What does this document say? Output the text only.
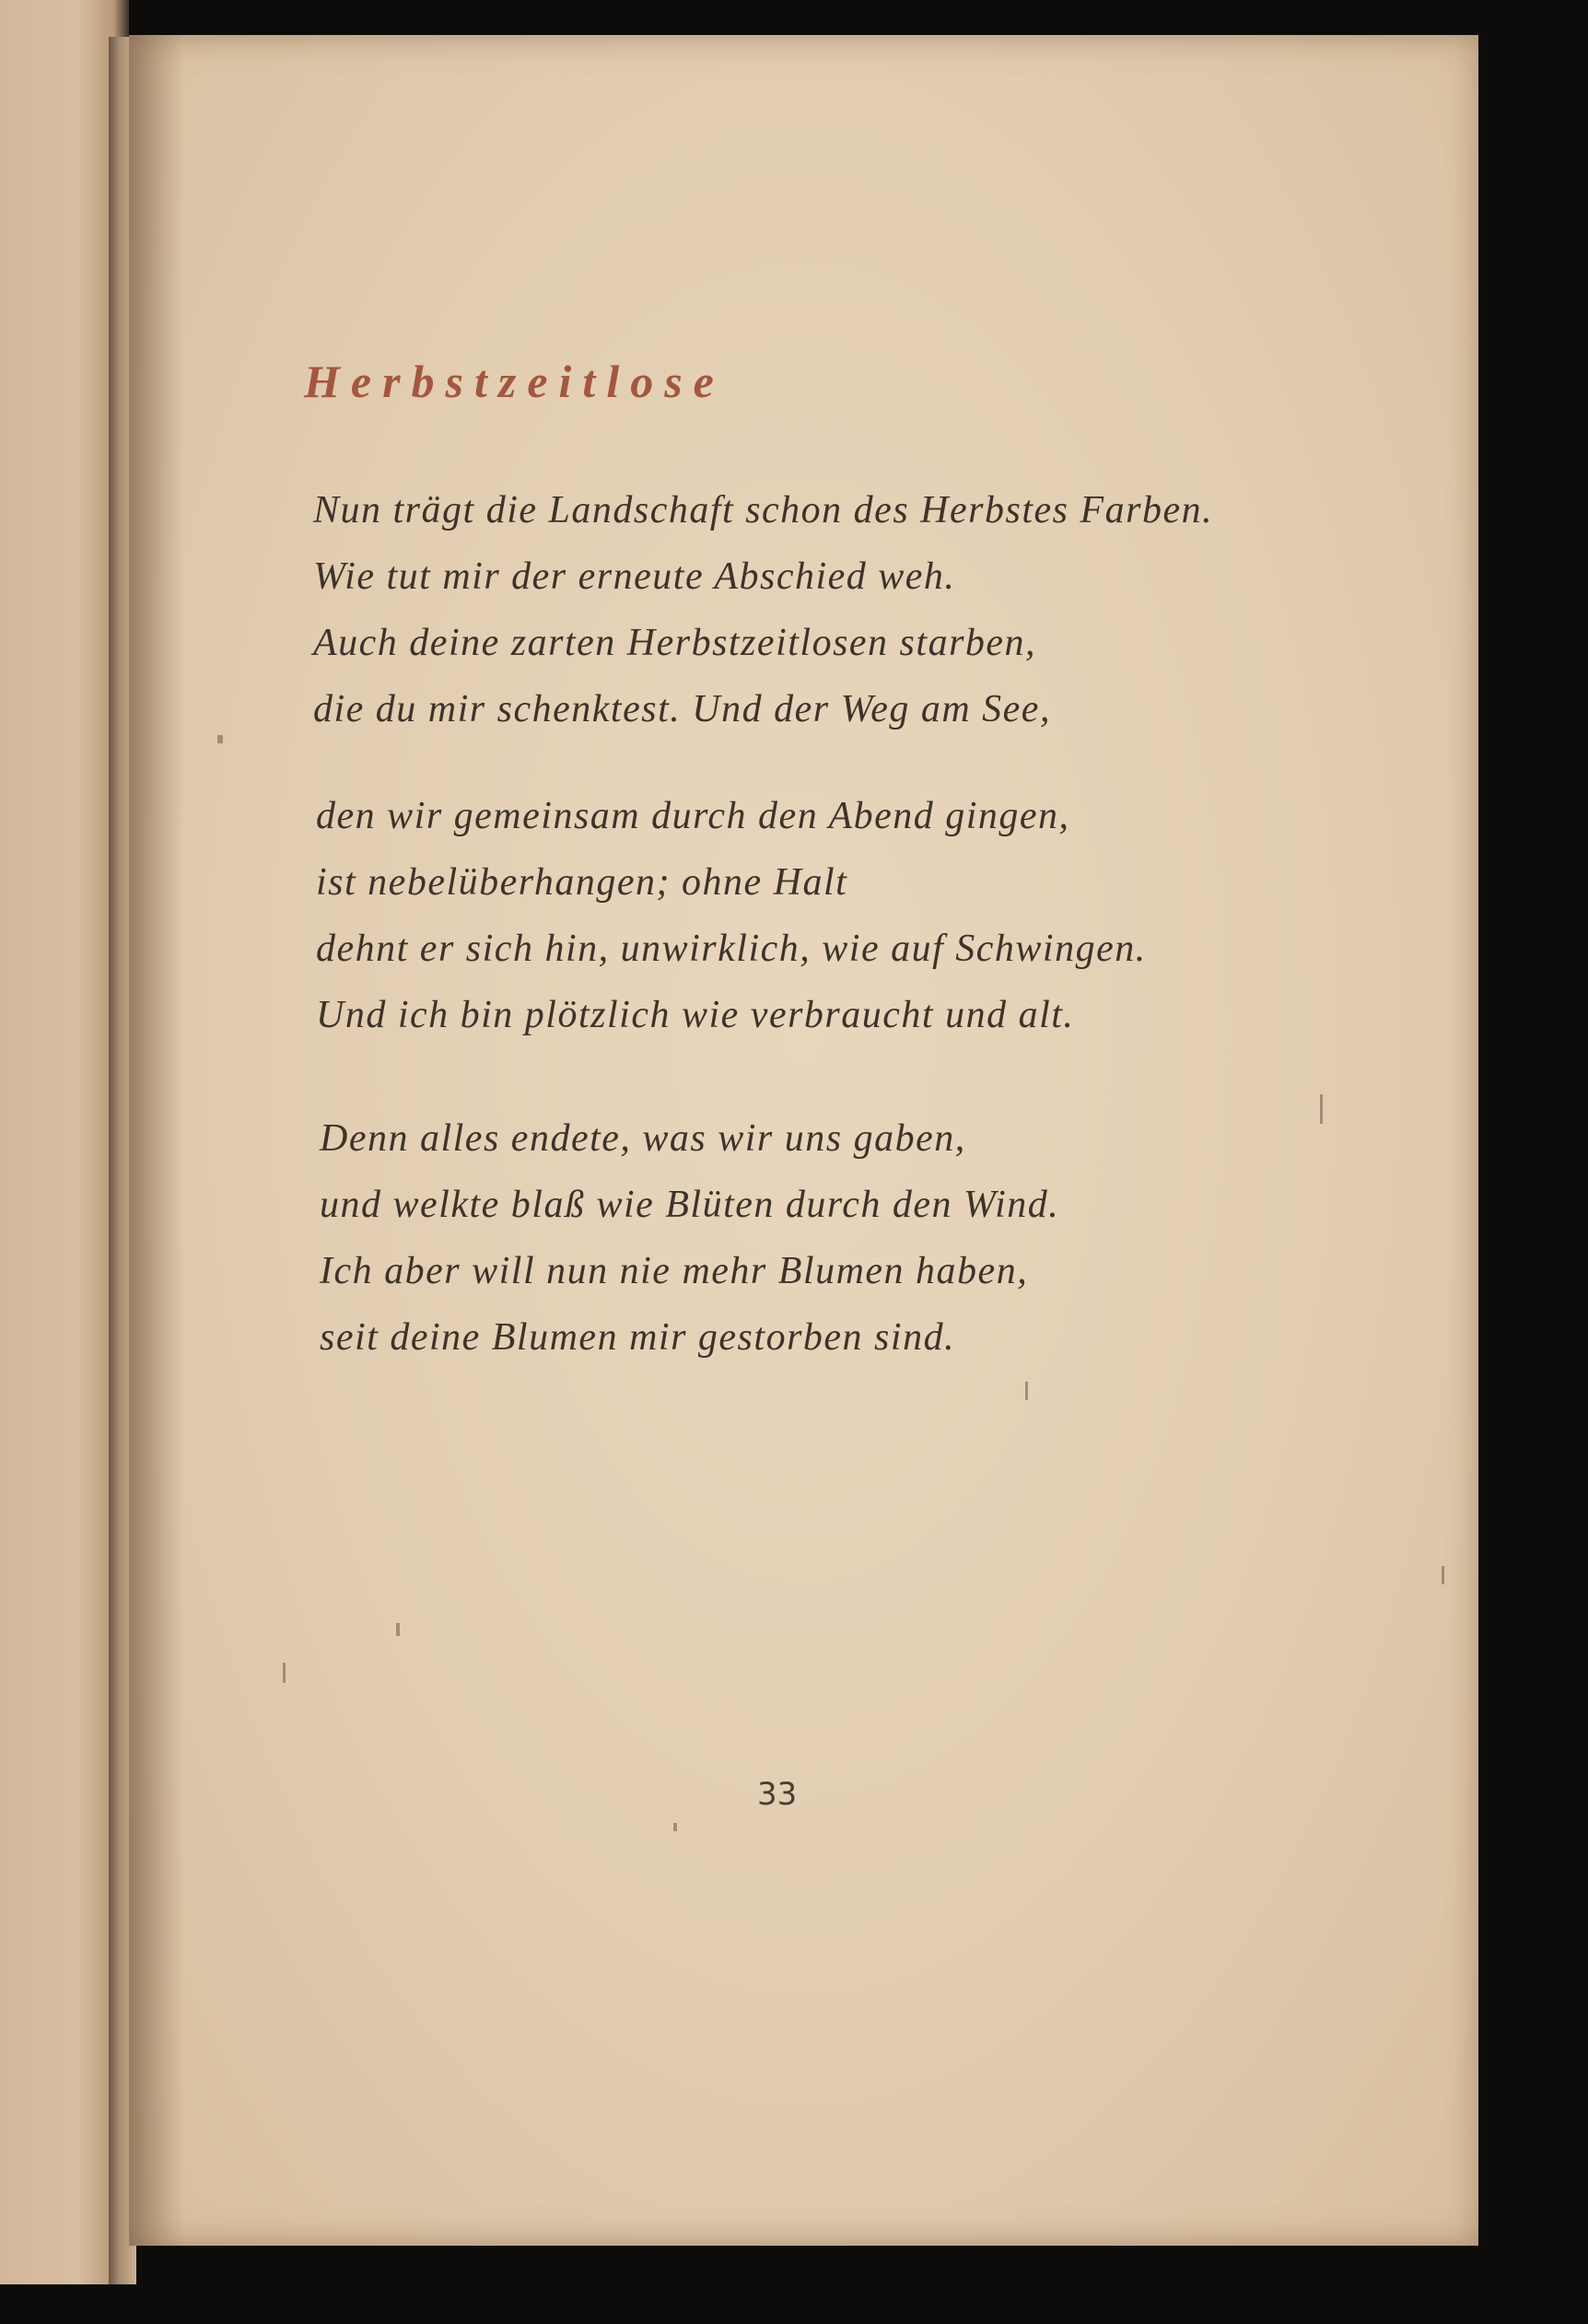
Herbstzeitlose
Nun trägt die Landschaft schon des Herbstes Farben.
Wie tut mir der erneute Abschied weh.
Auch deine zarten Herbstzeitlosen starben,
die du mir schenktest. Und der Weg am See,
den wir gemeinsam durch den Abend gingen,
ist nebelüberhangen; ohne Halt
dehnt er sich hin, unwirklich, wie auf Schwingen.
Und ich bin plötzlich wie verbraucht und alt.
Denn alles endete, was wir uns gaben,
und welkte blaß wie Blüten durch den Wind.
Ich aber will nun nie mehr Blumen haben,
seit deine Blumen mir gestorben sind.

33
